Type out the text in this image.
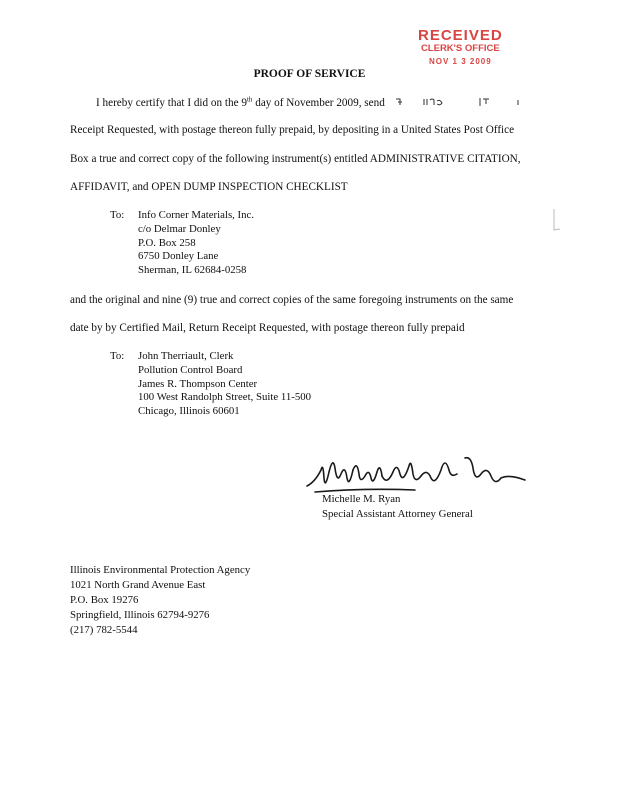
RECEIVED
CLERK'S OFFICE
NOV 1 3 2009
PROOF OF SERVICE
I hereby certify that I did on the 9th day of November 2009, send
Receipt Requested, with postage thereon fully prepaid, by depositing in a United States Post Office
Box a true and correct copy of the following instrument(s) entitled ADMINISTRATIVE CITATION,
AFFIDAVIT, and OPEN DUMP INSPECTION CHECKLIST
To: Info Corner Materials, Inc.
c/o Delmar Donley
P.O. Box 258
6750 Donley Lane
Sherman, IL 62684-0258
and the original and nine (9) true and correct copies of the same foregoing instruments on the same
date by by Certified Mail, Return Receipt Requested, with postage thereon fully prepaid
To: John Therriault, Clerk
Pollution Control Board
James R. Thompson Center
100 West Randolph Street, Suite 11-500
Chicago, Illinois 60601
Michelle M. Ryan
Special Assistant Attorney General
Illinois Environmental Protection Agency
1021 North Grand Avenue East
P.O. Box 19276
Springfield, Illinois 62794-9276
(217) 782-5544
